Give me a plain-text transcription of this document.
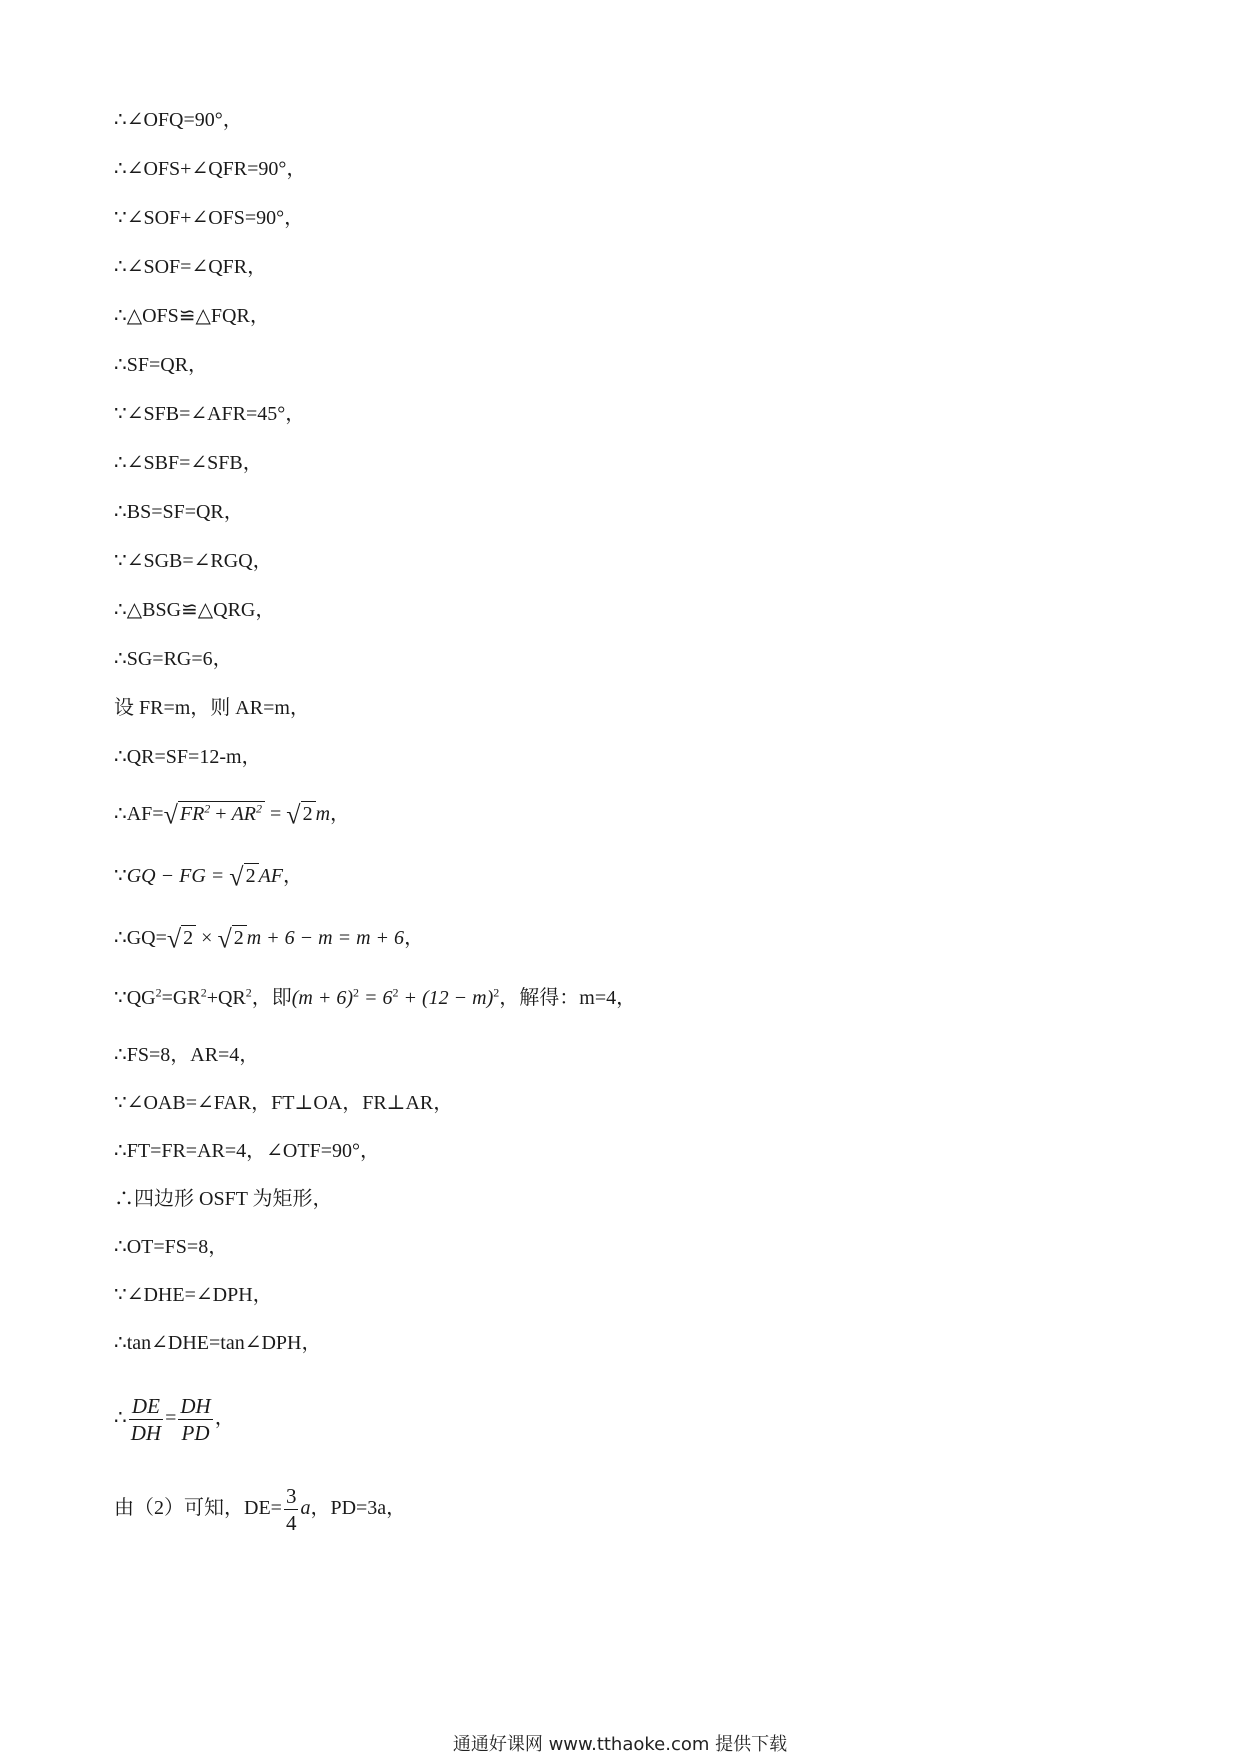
∴∠OFQ=90°，
∴∠OFS+∠QFR=90°，
∵∠SOF+∠OFS=90°，
∴∠SOF=∠QFR，
∴△OFS≌△FQR，
∴SF=QR，
∵∠SFB=∠AFR=45°，
∴∠SBF=∠SFB，
∴BS=SF=QR，
∵∠SGB=∠RGQ，
∴△BSG≌△QRG，
∴SG=RG=6，
设 FR=m，则 AR=m，
∴QR=SF=12-m，
∴AF=√ $FR^2 + AR^2$ = √ 2 m，
∵GQ − FG = √ 2 AF，
∴GQ=√ 2 × √ 2 m + 6 − m = m + 6，
$\because QG^2=GR^2+QR^2$，即$(m + 6)^2 = 6^2 + (12 - m)^2$，解得：m=4，
∴FS=8，AR=4，
∵∠OAB=∠FAR，FT⊥OA，FR⊥AR，
∴FT=FR=AR=4，∠OTF=90°，
∴四边形 OSFT 为矩形，
∴OT=FS=8，
∵∠DHE=∠DPH，
∴tan∠DHE=tan∠DPH，
∴ $\frac{DE}{DH} = \frac{DH}{PD}$ ，
由（2）可知，$DE= \frac{3}{4}$ a，PD=3a，
通通好课网 www.tthaoke.com 提供下载
